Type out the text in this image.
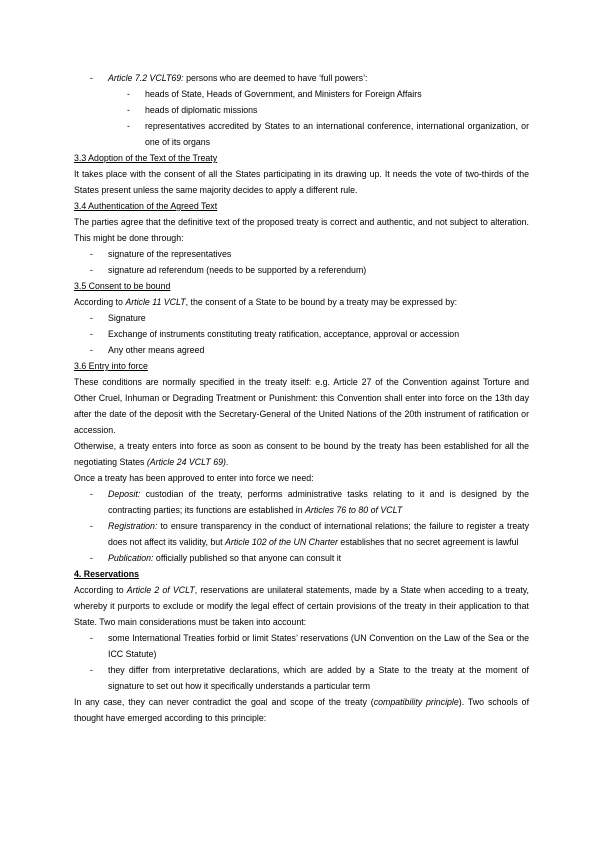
- Article 7.2 VCLT69: persons who are deemed to have ‘full powers’:
- heads of State, Heads of Government, and Ministers for Foreign Affairs
- heads of diplomatic missions
- representatives accredited by States to an international conference, international organization, or one of its organs

3.3 Adoption of the Text of the Treaty

It takes place with the consent of all the States participating in its drawing up. It needs the vote of two-thirds of the States present unless the same majority decides to apply a different rule.

3.4 Authentication of the Agreed Text

The parties agree that the definitive text of the proposed treaty is correct and authentic, and not subject to alteration. This might be done through:

- signature of the representatives
- signature ad referendum (needs to be supported by a referendum)

3.5 Consent to be bound

According to Article 11 VCLT, the consent of a State to be bound by a treaty may be expressed by:

- Signature
- Exchange of instruments constituting treaty ratification, acceptance, approval or accession
- Any other means agreed

3.6 Entry into force

These conditions are normally specified in the treaty itself: e.g. Article 27 of the Convention against Torture and Other Cruel, Inhuman or Degrading Treatment or Punishment: this Convention shall enter into force on the 13th day after the date of the deposit with the Secretary-General of the United Nations of the 20th instrument of ratification or accession.

Otherwise, a treaty enters into force as soon as consent to be bound by the treaty has been established for all the negotiating States (Article 24 VCLT 69).

Once a treaty has been approved to enter into force we need:

- Deposit: custodian of the treaty, performs administrative tasks relating to it and is designed by the contracting parties; its functions are established in Articles 76 to 80 of VCLT
- Registration: to ensure transparency in the conduct of international relations; the failure to register a treaty does not affect its validity, but Article 102 of the UN Charter establishes that no secret agreement is lawful
- Publication: officially published so that anyone can consult it

4. Reservations

According to Article 2 of VCLT, reservations are unilateral statements, made by a State when acceding to a treaty, whereby it purports to exclude or modify the legal effect of certain provisions of the treaty in their application to that State. Two main considerations must be taken into account:

- some International Treaties forbid or limit States’ reservations (UN Convention on the Law of the Sea or the ICC Statute)
- they differ from interpretative declarations, which are added by a State to the treaty at the moment of signature to set out how it specifically understands a particular term

In any case, they can never contradict the goal and scope of the treaty (compatibility principle). Two schools of thought have emerged according to this principle:
